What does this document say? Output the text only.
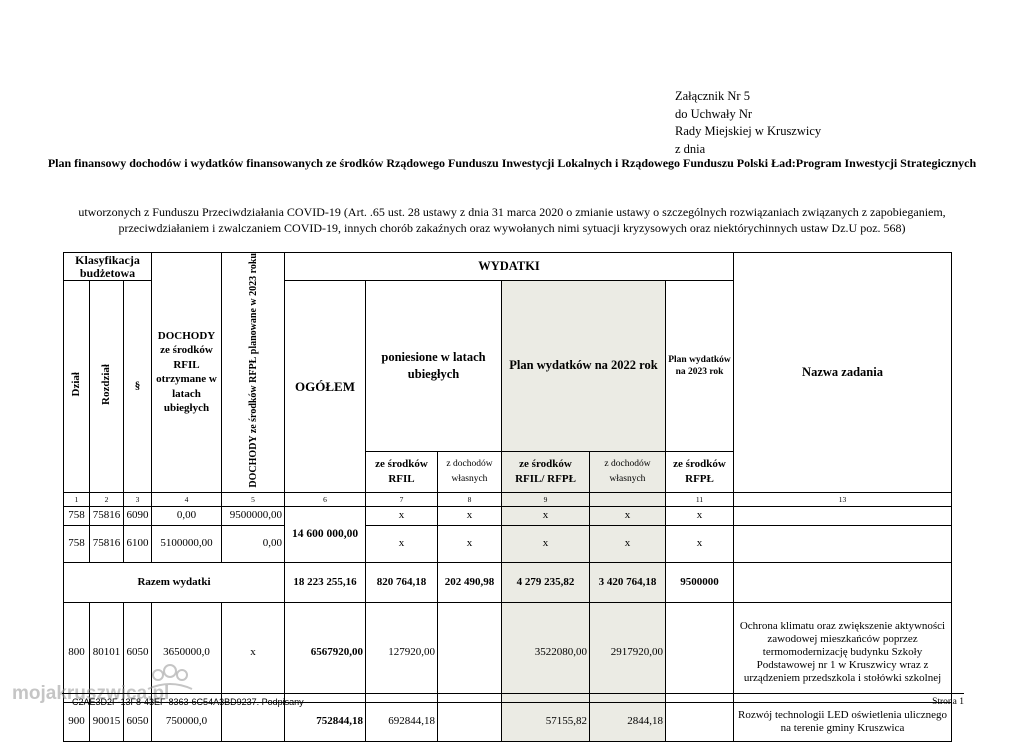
Załącznik Nr 5
do Uchwały Nr
Rady Miejskiej w Kruszwicy
z dnia
Plan finansowy dochodów i wydatków finansowanych ze środków Rządowego Funduszu Inwestycji Lokalnych i Rządowego Funduszu Polski Ład:Program Inwestycji Strategicznych
utworzonych z Funduszu Przeciwdziałania COVID-19 (Art. .65 ust. 28 ustawy z dnia 31 marca 2020 o zmianie ustawy o szczególnych rozwiązaniach związanych z zapobieganiem, przeciwdziałaniem i zwalczaniem COVID-19, innych chorób zakaźnych oraz wywołanych nimi sytuacji kryzysowych oraz niektórychinnych ustaw Dz.U poz. 568)
Klasyfikacja budżetowa			DOCHODY ze środków RFIL otrzymane w latach ubiegłych	DOCHODY ze środków RFPŁ planowane w 2023 roku	WYDATKI						Nazwa zadania
Dział	Rozdział	§			OGÓŁEM	poniesione w latach ubiegłych		Plan wydatków na 2022 rok		Plan wydatków na 2023 rok	
						ze środków RFIL	z dochodów własnych	ze środków RFIL/ RFPŁ	z dochodów własnych	ze środków RFPŁ	
1	2	3	4	5	6	7	8	9		11	13
758	75816	6090	0,00	9500000,00	14 600 000,00	x	x	x	x	x	
758	75816	6100	5100000,00	0,00		x	x	x	x	x	
Razem wydatki					18 223 255,16	820 764,18	202 490,98	4 279 235,82	3 420 764,18	9500000	
800	80101	6050	3650000,0	x	6567920,00	127920,00		3522080,00	2917920,00		Ochrona klimatu oraz zwiększenie aktywności zawodowej mieszkańców poprzez termomodernizację budynku Szkoły Podstawowej nr 1 w Kruszwicy wraz z urządzeniem przedszkola i stołówki szkolnej
900	90015	6050	750000,0		752844,18	692844,18		57155,82	2844,18		Rozwój technologii LED oświetlenia ulicznego na terenie gminy Kruszwica
mojakruszwica.pl
C2AE3D2F-13F8-43EF-8363-6C54A3BD9237. Podpisany	Strona 1
